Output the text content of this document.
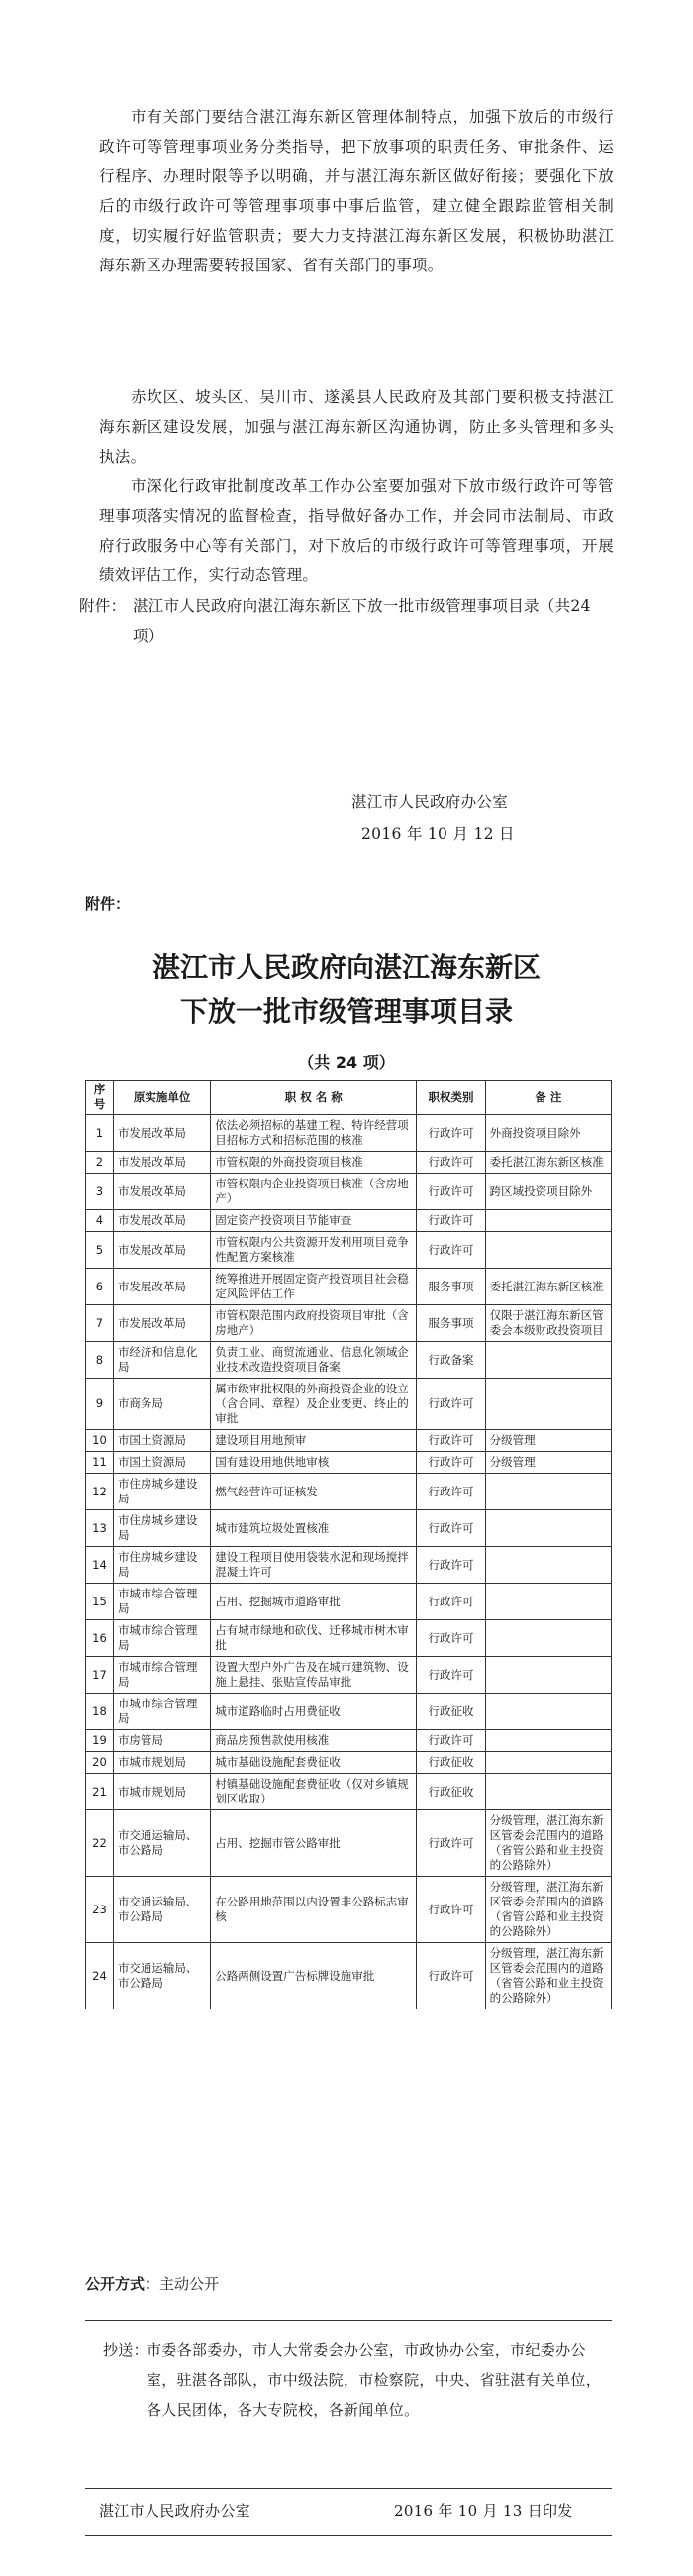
市有关部门要结合湛江海东新区管理体制特点，加强下放后的市级行政许可等管理事项业务分类指导，把下放事项的职责任务、审批条件、运行程序、办理时限等予以明确，并与湛江海东新区做好衔接；要强化下放后的市级行政许可等管理事项事中事后监管，建立健全跟踪监管相关制度，切实履行好监管职责；要大力支持湛江海东新区发展，积极协助湛江海东新区办理需要转报国家、省有关部门的事项。

赤坎区、坡头区、吴川市、遂溪县人民政府及其部门要积极支持湛江海东新区建设发展，加强与湛江海东新区沟通协调，防止多头管理和多头执法。

市深化行政审批制度改革工作办公室要加强对下放市级行政许可等管理事项落实情况的监督检查，指导做好备办工作，并会同市法制局、市政府行政服务中心等有关部门，对下放后的市级行政许可等管理事项，开展绩效评估工作，实行动态管理。

附件： 湛江市人民政府向湛江海东新区下放一批市级管理事项目录（共24项）
湛江市人民政府办公室
2016 年 10 月 12 日
附件：
湛江市人民政府向湛江海东新区
下放一批市级管理事项目录
（共 24 项）
序号	原实施单位	职 权 名 称	职权类别	备 注
1	市发展改革局	依法必须招标的基建工程、特许经营项目招标方式和招标范围的核准	行政许可	外商投资项目除外
2	市发展改革局	市管权限的外商投资项目核准	行政许可	委托湛江海东新区核准
3	市发展改革局	市管权限内企业投资项目核准（含房地产）	行政许可	跨区域投资项目除外
4	市发展改革局	固定资产投资项目节能审查	行政许可	
5	市发展改革局	市管权限内公共资源开发利用项目竞争性配置方案核准	行政许可	
6	市发展改革局	统筹推进开展固定资产投资项目社会稳定风险评估工作	服务事项	委托湛江海东新区核准
7	市发展改革局	市管权限范围内政府投资项目审批（含房地产）	服务事项	仅限于湛江海东新区管委会本级财政投资项目
8	市经济和信息化局	负责工业、商贸流通业、信息化领域企业技术改造投资项目备案	行政备案	
9	市商务局	属市级审批权限的外商投资企业的设立（含合同、章程）及企业变更、终止的审批	行政许可	
10	市国土资源局	建设项目用地预审	行政许可	分级管理
11	市国土资源局	国有建设用地供地审核	行政许可	分级管理
12	市住房城乡建设局	燃气经营许可证核发	行政许可	
13	市住房城乡建设局	城市建筑垃圾处置核准	行政许可	
14	市住房城乡建设局	建设工程项目使用袋装水泥和现场搅拌混凝土许可	行政许可	
15	市城市综合管理局	占用、挖掘城市道路审批	行政许可	
16	市城市综合管理局	占有城市绿地和砍伐、迁移城市树木审批	行政许可	
17	市城市综合管理局	设置大型户外广告及在城市建筑物、设施上悬挂、张贴宣传品审批	行政许可	
18	市城市综合管理局	城市道路临时占用费征收	行政征收	
19	市房管局	商品房预售款使用核准	行政许可	
20	市城市规划局	城市基础设施配套费征收	行政征收	
21	市城市规划局	村镇基础设施配套费征收（仅对乡镇规划区收取）	行政征收	
22	市交通运输局、市公路局	占用、挖掘市管公路审批	行政许可	分级管理，湛江海东新区管委会范围内的道路（省管公路和业主投资的公路除外）
23	市交通运输局、市公路局	在公路用地范围以内设置非公路标志审核	行政许可	分级管理，湛江海东新区管委会范围内的道路（省管公路和业主投资的公路除外）
24	市交通运输局、市公路局	公路两侧设置广告标牌设施审批	行政许可	分级管理，湛江海东新区管委会范围内的道路（省管公路和业主投资的公路除外）
公开方式：主动公开
抄送：
市委各部委办，市人大常委会办公室，市政协办公室，市纪委办公室，驻湛各部队，市中级法院，市检察院，中央、省驻湛有关单位，各人民团体，各大专院校，各新闻单位。
湛江市人民政府办公室	2016 年 10 月 13 日印发
